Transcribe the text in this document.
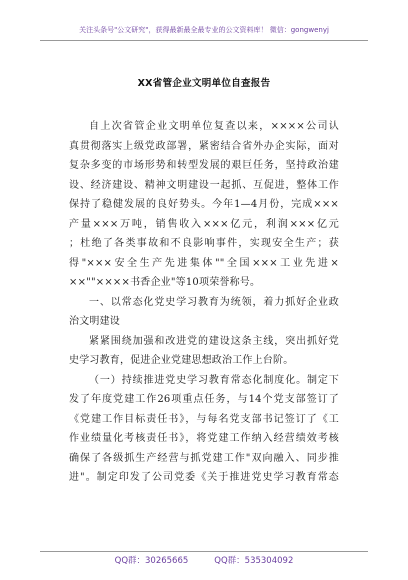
关注头条号"公文研究"，获得最新最全最专业的公文资料库！ 微信：gongwenyj
XX省管企业文明单位自查报告
自上次省管企业文明单位复查以来，××××公司认
真贯彻落实上级党政部署，紧密结合省外办企实际，面对
复杂多变的市场形势和转型发展的艰巨任务，坚持政治建
设、经济建设、精神文明建设一起抓、互促进，整体工作
保持了稳健发展的良好势头。今年1—4月份，完成×××
产量×××万吨，销售收入×××亿元，利润×××亿元
；杜绝了各类事故和不良影响事件，实现安全生产；获
得"×××安全生产先进集体""全国×××工业先进×
××""××××书香企业"等10项荣誉称号。
一、以常态化党史学习教育为统领，着力抓好企业政
治文明建设
紧紧围绕加强和改进党的建设这条主线，突出抓好党
史学习教育，促进企业党建思想政治工作上台阶。
（一）持续推进党史学习教育常态化制度化。制定下
发了年度党建工作26项重点任务，与14个党支部签订了
《党建工作目标责任书》，与每名党支部书记签订了《工
作业绩量化考核责任书》，将党建工作纳入经营绩效考核
确保了各级抓生产经营与抓党建工作"双向融入、同步推
进"。制定印发了公司党委《关于推进党史学习教育常态
QQ群：30265665	QQ群：535304092
